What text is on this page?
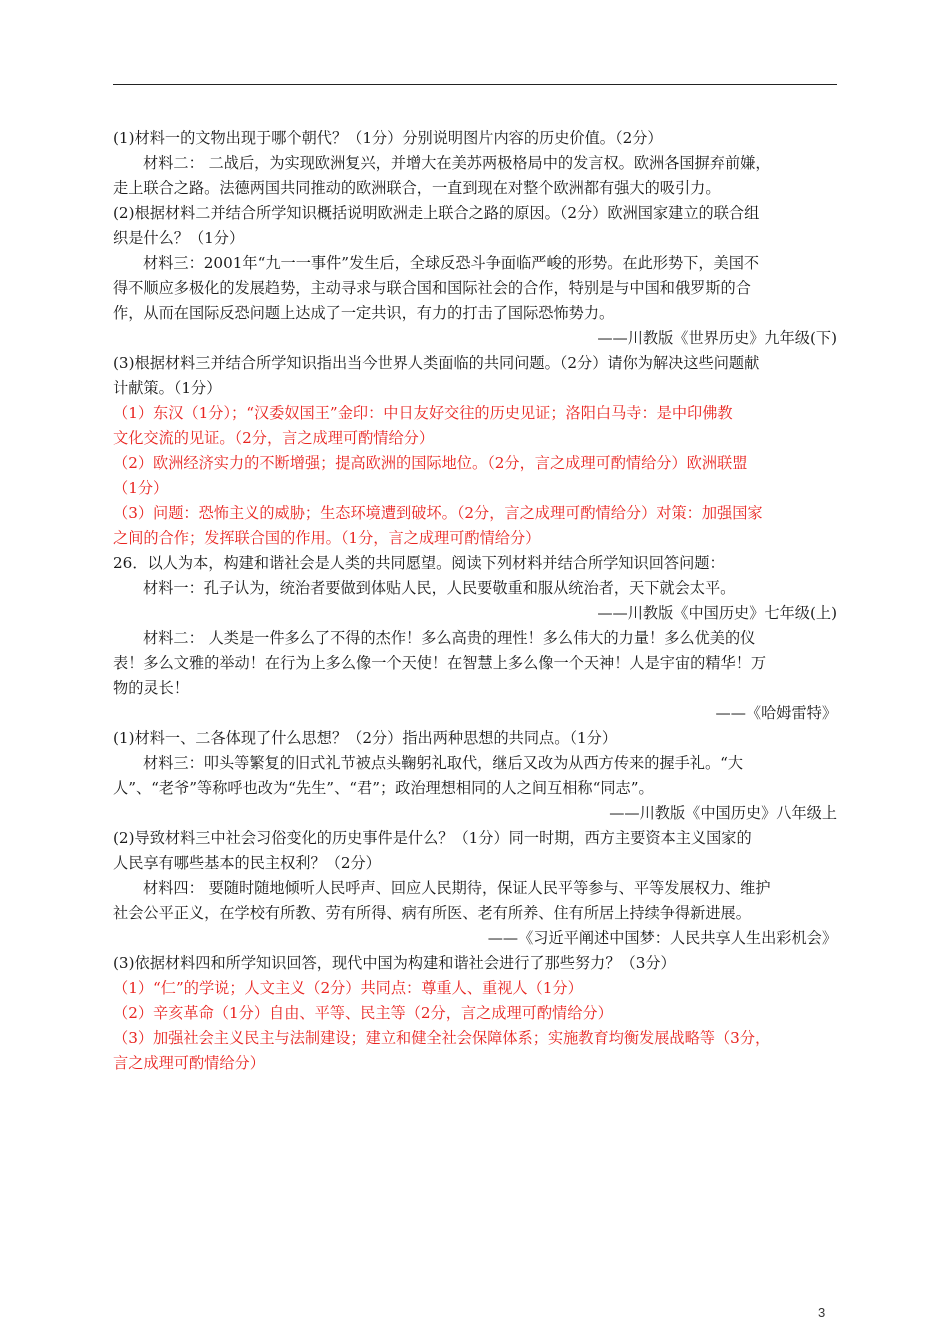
(1)材料一的文物出现于哪个朝代？（1分）分别说明图片内容的历史价值。（2分）
材料二： 二战后，为实现欧洲复兴，并增大在美苏两极格局中的发言权。欧洲各国摒弃前嫌，
走上联合之路。法德两国共同推动的欧洲联合，一直到现在对整个欧洲都有强大的吸引力。
(2)根据材料二并结合所学知识概括说明欧洲走上联合之路的原因。（2分）欧洲国家建立的联合组
织是什么？（1分）
材料三：2001年“九一一事件”发生后，全球反恐斗争面临严峻的形势。在此形势下，美国不
得不顺应多极化的发展趋势，主动寻求与联合国和国际社会的合作，特别是与中国和俄罗斯的合
作，从而在国际反恐问题上达成了一定共识，有力的打击了国际恐怖势力。
——川教版《世界历史》九年级(下)
(3)根据材料三并结合所学知识指出当今世界人类面临的共同问题。（2分）请你为解决这些问题献
计献策。（1分）
（1）东汉（1分）；“汉委奴国王”金印：中日友好交往的历史见证；洛阳白马寺：是中印佛教
文化交流的见证。（2分，言之成理可酌情给分）
（2）欧洲经济实力的不断增强；提高欧洲的国际地位。（2分，言之成理可酌情给分）欧洲联盟
（1分）
（3）问题：恐怖主义的威胁；生态环境遭到破坏。（2分，言之成理可酌情给分）对策：加强国家
之间的合作；发挥联合国的作用。（1分，言之成理可酌情给分）
26．以人为本，构建和谐社会是人类的共同愿望。阅读下列材料并结合所学知识回答问题：
材料一：孔子认为，统治者要做到体贴人民，人民要敬重和服从统治者，天下就会太平。
——川教版《中国历史》七年级(上)
材料二： 人类是一件多么了不得的杰作！多么高贵的理性！多么伟大的力量！多么优美的仪
表！多么文雅的举动！在行为上多么像一个天使！在智慧上多么像一个天神！人是宇宙的精华！万
物的灵长！
——《哈姆雷特》
(1)材料一、二各体现了什么思想？（2分）指出两种思想的共同点。（1分）
材料三：叩头等繁复的旧式礼节被点头鞠躬礼取代，继后又改为从西方传来的握手礼。“大
人”、“老爷”等称呼也改为“先生”、“君”；政治理想相同的人之间互相称“同志”。
——川教版《中国历史》八年级上
(2)导致材料三中社会习俗变化的历史事件是什么？（1分）同一时期，西方主要资本主义国家的
人民享有哪些基本的民主权利？（2分）
材料四： 要随时随地倾听人民呼声、回应人民期待，保证人民平等参与、平等发展权力、维护
社会公平正义，在学校有所教、劳有所得、病有所医、老有所养、住有所居上持续争得新进展。
——《习近平阐述中国梦：人民共享人生出彩机会》
(3)依据材料四和所学知识回答，现代中国为构建和谐社会进行了那些努力？（3分）
（1）“仁”的学说；人文主义（2分）共同点：尊重人、重视人（1分）
（2）辛亥革命（1分）自由、平等、民主等（2分，言之成理可酌情给分）
（3）加强社会主义民主与法制建设；建立和健全社会保障体系；实施教育均衡发展战略等（3分，
言之成理可酌情给分）
3
